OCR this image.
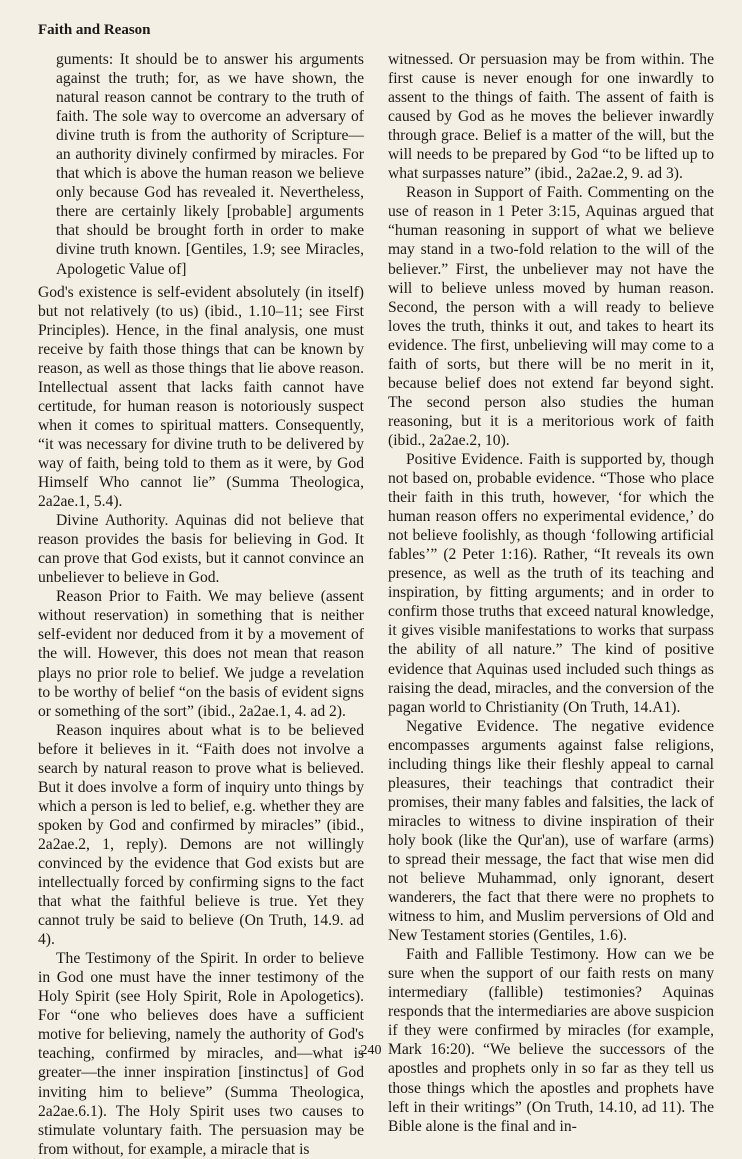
Faith and Reason

guments: It should be to answer his arguments against the truth; for, as we have shown, the natural reason cannot be contrary to the truth of faith. The sole way to overcome an adversary of divine truth is from the authority of Scripture—an authority divinely confirmed by miracles. For that which is above the human reason we believe only because God has revealed it. Nevertheless, there are certainly likely [probable] arguments that should be brought forth in order to make divine truth known. [Gentiles, 1.9; see Miracles, Apologetic Value of]

God's existence is self-evident absolutely (in itself) but not relatively (to us) (ibid., 1.10–11; see First Principles). Hence, in the final analysis, one must receive by faith those things that can be known by reason, as well as those things that lie above reason. Intellectual assent that lacks faith cannot have certitude, for human reason is notoriously suspect when it comes to spiritual matters. Consequently, “it was necessary for divine truth to be delivered by way of faith, being told to them as it were, by God Himself Who cannot lie” (Summa Theologica, 2a2ae.1, 5.4).

Divine Authority. Aquinas did not believe that reason provides the basis for believing in God. It can prove that God exists, but it cannot convince an unbeliever to believe in God.

Reason Prior to Faith. We may believe (assent without reservation) in something that is neither self-evident nor deduced from it by a movement of the will. However, this does not mean that reason plays no prior role to belief. We judge a revelation to be worthy of belief “on the basis of evident signs or something of the sort” (ibid., 2a2ae.1, 4. ad 2).

Reason inquires about what is to be believed before it believes in it. “Faith does not involve a search by natural reason to prove what is believed. But it does involve a form of inquiry unto things by which a person is led to belief, e.g. whether they are spoken by God and confirmed by miracles” (ibid., 2a2ae.2, 1, reply). Demons are not willingly convinced by the evidence that God exists but are intellectually forced by confirming signs to the fact that what the faithful believe is true. Yet they cannot truly be said to believe (On Truth, 14.9. ad 4).

The Testimony of the Spirit. In order to believe in God one must have the inner testimony of the Holy Spirit (see Holy Spirit, Role in Apologetics). For “one who believes does have a sufficient motive for believing, namely the authority of God's teaching, confirmed by miracles, and—what is greater—the inner inspiration [instinctus] of God inviting him to believe” (Summa Theologica, 2a2ae.6.1). The Holy Spirit uses two causes to stimulate voluntary faith. The persuasion may be from without, for example, a miracle that is

witnessed. Or persuasion may be from within. The first cause is never enough for one inwardly to assent to the things of faith. The assent of faith is caused by God as he moves the believer inwardly through grace. Belief is a matter of the will, but the will needs to be prepared by God “to be lifted up to what surpasses nature” (ibid., 2a2ae.2, 9. ad 3).

Reason in Support of Faith. Commenting on the use of reason in 1 Peter 3:15, Aquinas argued that “human reasoning in support of what we believe may stand in a two-fold relation to the will of the believer.” First, the unbeliever may not have the will to believe unless moved by human reason. Second, the person with a will ready to believe loves the truth, thinks it out, and takes to heart its evidence. The first, unbelieving will may come to a faith of sorts, but there will be no merit in it, because belief does not extend far beyond sight. The second person also studies the human reasoning, but it is a meritorious work of faith (ibid., 2a2ae.2, 10).

Positive Evidence. Faith is supported by, though not based on, probable evidence. “Those who place their faith in this truth, however, ‘for which the human reason offers no experimental evidence,’ do not believe foolishly, as though ‘following artificial fables’” (2 Peter 1:16). Rather, “It reveals its own presence, as well as the truth of its teaching and inspiration, by fitting arguments; and in order to confirm those truths that exceed natural knowledge, it gives visible manifestations to works that surpass the ability of all nature.” The kind of positive evidence that Aquinas used included such things as raising the dead, miracles, and the conversion of the pagan world to Christianity (On Truth, 14.A1).

Negative Evidence. The negative evidence encompasses arguments against false religions, including things like their fleshly appeal to carnal pleasures, their teachings that contradict their promises, their many fables and falsities, the lack of miracles to witness to divine inspiration of their holy book (like the Qur'an), use of warfare (arms) to spread their message, the fact that wise men did not believe Muhammad, only ignorant, desert wanderers, the fact that there were no prophets to witness to him, and Muslim perversions of Old and New Testament stories (Gentiles, 1.6).

Faith and Fallible Testimony. How can we be sure when the support of our faith rests on many intermediary (fallible) testimonies? Aquinas responds that the intermediaries are above suspicion if they were confirmed by miracles (for example, Mark 16:20). “We believe the successors of the apostles and prophets only in so far as they tell us those things which the apostles and prophets have left in their writings” (On Truth, 14.10, ad 11). The Bible alone is the final and in-

240
